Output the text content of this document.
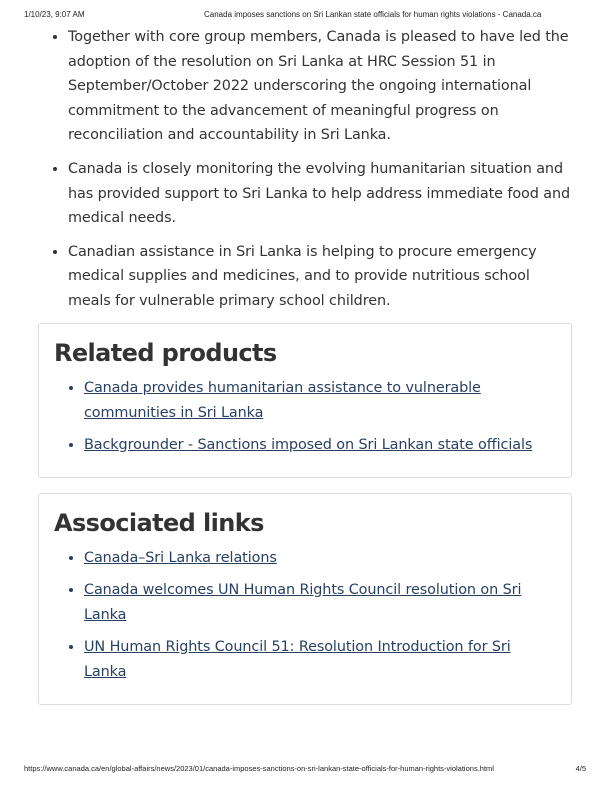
1/10/23, 9:07 AM	Canada imposes sanctions on Sri Lankan state officials for human rights violations - Canada.ca
• Together with core group members, Canada is pleased to have led the adoption of the resolution on Sri Lanka at HRC Session 51 in September/October 2022 underscoring the ongoing international commitment to the advancement of meaningful progress on reconciliation and accountability in Sri Lanka.
• Canada is closely monitoring the evolving humanitarian situation and has provided support to Sri Lanka to help address immediate food and medical needs.
• Canadian assistance in Sri Lanka is helping to procure emergency medical supplies and medicines, and to provide nutritious school meals for vulnerable primary school children.
Related products
• Canada provides humanitarian assistance to vulnerable communities in Sri Lanka
• Backgrounder - Sanctions imposed on Sri Lankan state officials
Associated links
• Canada–Sri Lanka relations
• Canada welcomes UN Human Rights Council resolution on Sri Lanka
• UN Human Rights Council 51: Resolution Introduction for Sri Lanka
https://www.canada.ca/en/global-affairs/news/2023/01/canada-imposes-sanctions-on-sri-lankan-state-officials-for-human-rights-violations.html	4/5
